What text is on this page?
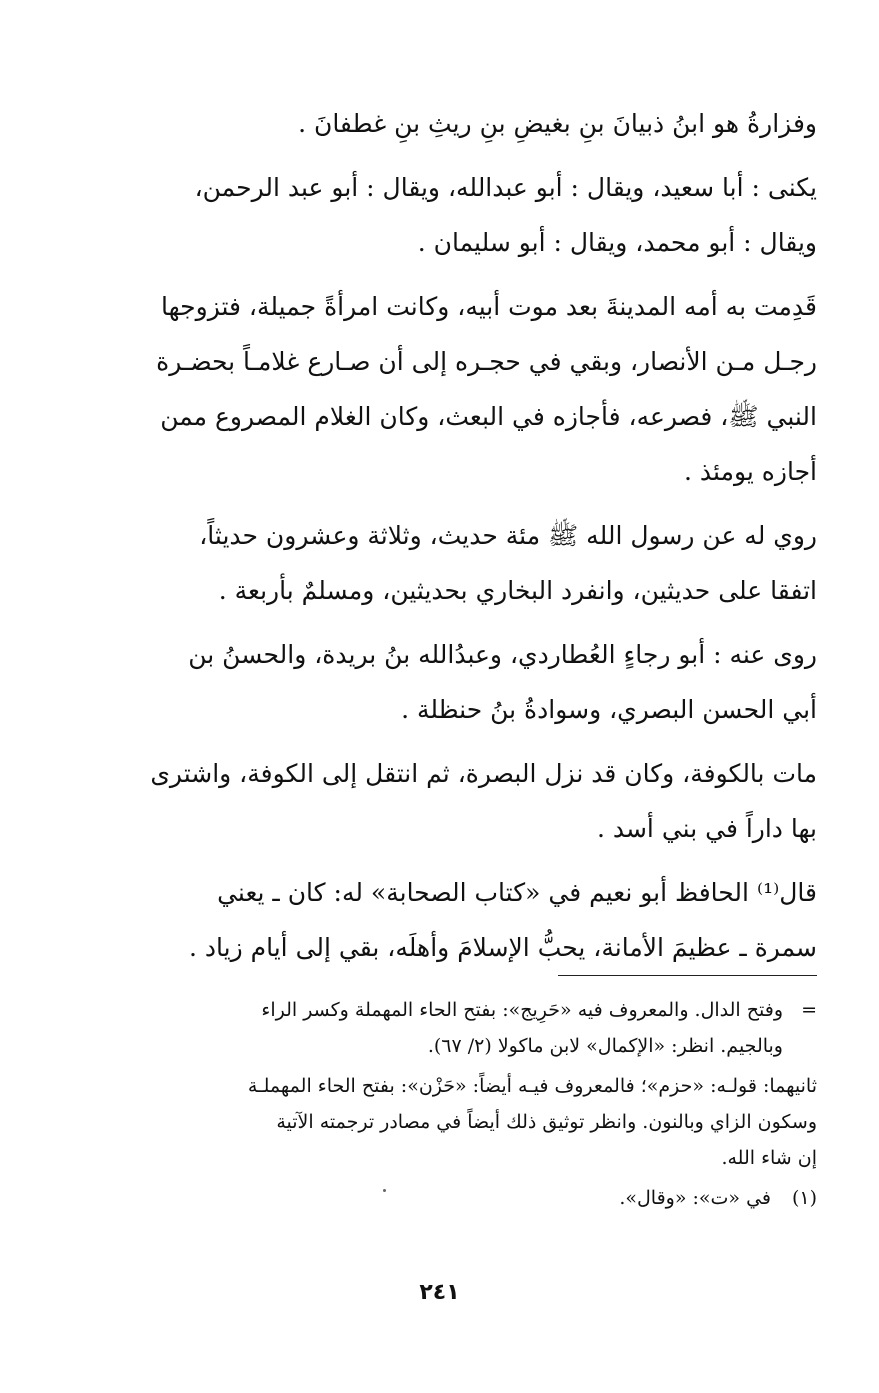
وفزارةُ هو ابنُ ذبيانَ بنِ بغيضِ بنِ ريثِ بنِ غطفانَ .

يكنى : أبا سعيد، ويقال : أبو عبدالله، ويقال : أبو عبد الرحمن،
ويقال : أبو محمد، ويقال : أبو سليمان .

قَدِمت به أمه المدينةَ بعد موت أبيه، وكانت امرأةً جميلة، فتزوجها
رجـل مـن الأنصار، وبقي في حجـره إلى أن صـارع غلامـاً بحضـرة
النبي ﷺ، فصرعه، فأجازه في البعث، وكان الغلام المصروع ممن
أجازه يومئذ .

روي له عن رسول الله ﷺ مئة حديث، وثلاثة وعشرون حديثاً،
اتفقا على حديثين، وانفرد البخاري بحديثين، ومسلمٌ بأربعة .

روى عنه : أبو رجاءٍ العُطاردي، وعبدُالله بنُ بريدة، والحسنُ بن
أبي الحسن البصري، وسوادةُ بنُ حنظلة .

مات بالكوفة، وكان قد نزل البصرة، ثم انتقل إلى الكوفة، واشترى
بها داراً في بني أسد .

قال⁽¹⁾ الحافظ أبو نعيم في «كتاب الصحابة» له: كان ـ يعني
سمرة ـ عظيمَ الأمانة، يحبُّ الإسلامَ وأهلَه، بقي إلى أيام زياد .

=وفتح الدال. والمعروف فيه «حَرِيج»: بفتح الحاء المهملة وكسر الراء
وبالجيم. انظر: «الإكمال» لابن ماكولا (٢/ ٦٧).
ثانيهما: قولـه: «حزم»؛ فالمعروف فيـه أيضاً: «حَزْن»: بفتح الحاء المهملـة
وسكون الزاي وبالنون. وانظر توثيق ذلك أيضاً في مصادر ترجمته الآتية
إن شاء الله.
(١)
في «ت»: «وقال».
٢٤١
